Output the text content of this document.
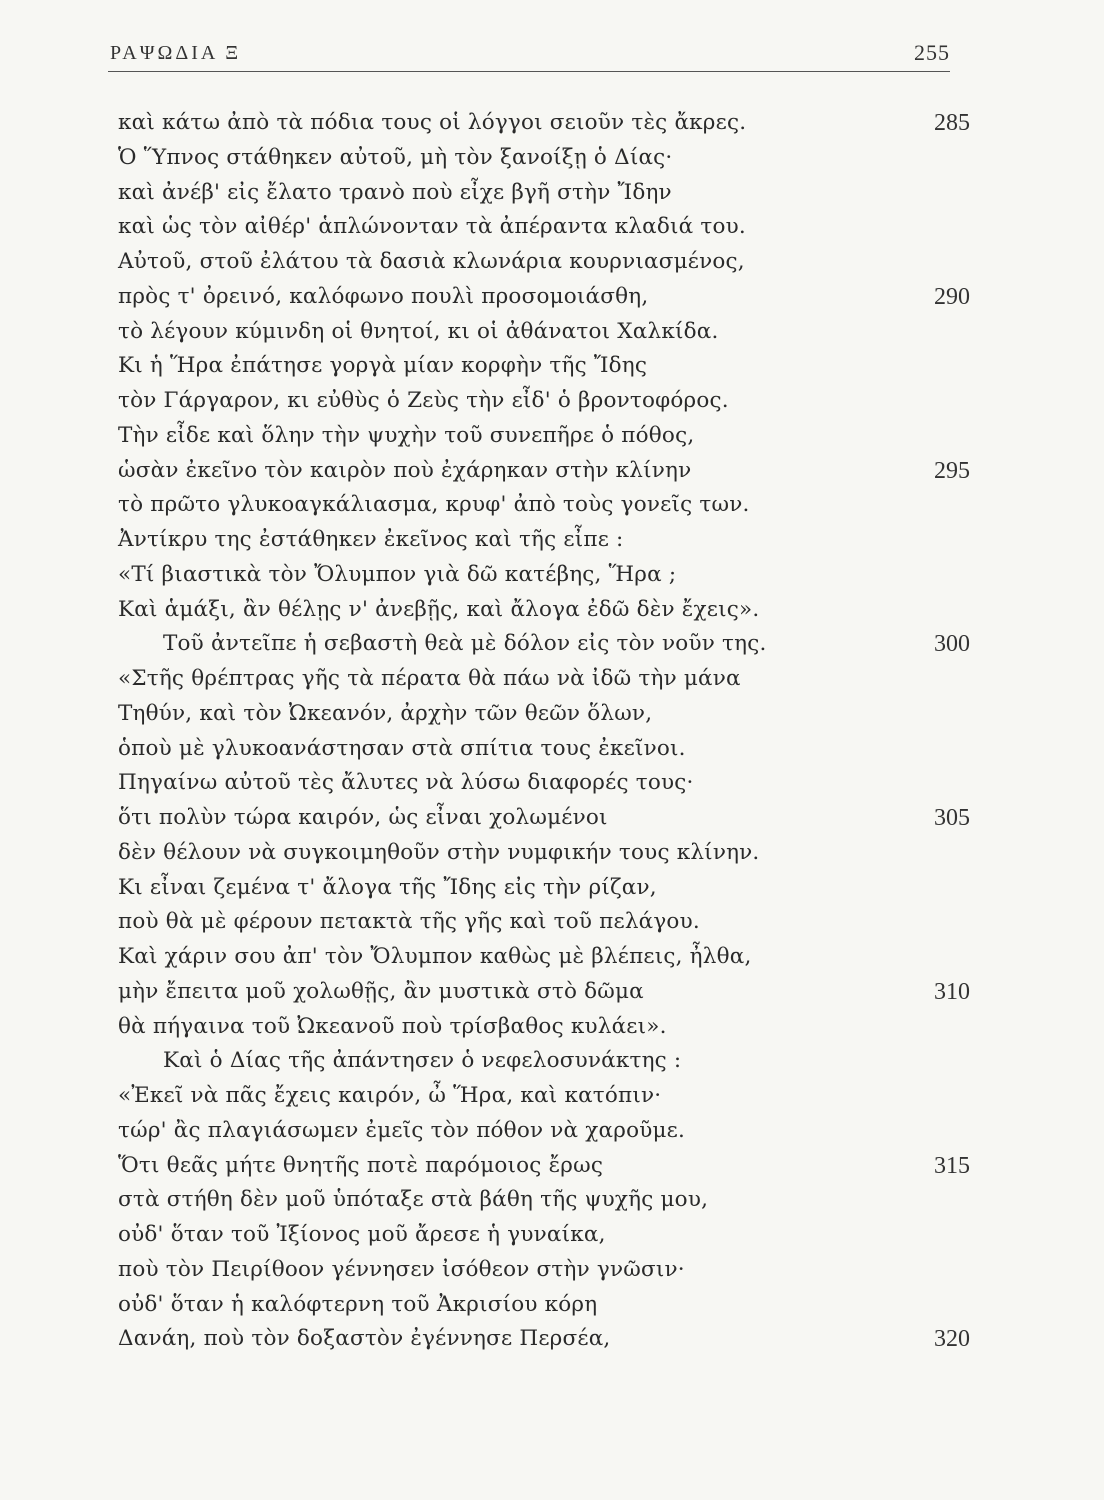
ΡΑΨΩΔΙΑ Ξ	255
καὶ κάτω ἀπὸ τὰ πόδια τους οἱ λόγγοι σειοῦν τὲς ἄκρες.
Ὁ Ὕπνος στάθηκεν αὐτοῦ, μὴ τὸν ξανοίξῃ ὁ Δίας·
καὶ ἀνέβ' εἰς ἔλατο τρανὸ ποὺ εἶχε βγῆ στὴν Ἴδην
καὶ ὡς τὸν αἰθέρ' ἁπλώνονταν τὰ ἀπέραντα κλαδιά του.
Αὐτοῦ, στοῦ ἐλάτου τὰ δασιὰ κλωνάρια κουρνιασμένος,
πρὸς τ' ὀρεινό, καλόφωνο πουλὶ προσομοιάσθη,
τὸ λέγουν κύμινδη οἱ θνητοί, κι οἱ ἀθάνατοι Χαλκίδα.
Κι ἡ Ἥρα ἐπάτησε γοργὰ μίαν κορφὴν τῆς Ἴδης
τὸν Γάργαρον, κι εὐθὺς ὁ Ζεὺς τὴν εἶδ' ὁ βροντοφόρος.
Τὴν εἶδε καὶ ὅλην τὴν ψυχὴν τοῦ συνεπῆρε ὁ πόθος,
ὡσὰν ἐκεῖνο τὸν καιρὸν ποὺ ἐχάρηκαν στὴν κλίνην
τὸ πρῶτο γλυκοαγκάλιασμα, κρυφ' ἀπὸ τοὺς γονεῖς των.
Ἀντίκρυ της ἐστάθηκεν ἐκεῖνος καὶ τῆς εἶπε :
«Τί βιαστικὰ τὸν Ὄλυμπον γιὰ δῶ κατέβης, Ἥρα ;
Καὶ ἁμάξι, ἂν θέλῃς ν' ἀνεβῇς, καὶ ἄλογα ἐδῶ δὲν ἔχεις».
Τοῦ ἀντεῖπε ἡ σεβαστὴ θεὰ μὲ δόλον εἰς τὸν νοῦν της.
«Στῆς θρέπτρας γῆς τὰ πέρατα θὰ πάω νὰ ἰδῶ τὴν μάνα
Τηθύν, καὶ τὸν Ὠκεανόν, ἀρχὴν τῶν θεῶν ὅλων,
ὁποὺ μὲ γλυκοανάστησαν στὰ σπίτια τους ἐκεῖνοι.
Πηγαίνω αὐτοῦ τὲς ἄλυτες νὰ λύσω διαφορές τους·
ὅτι πολὺν τώρα καιρόν, ὡς εἶναι χολωμένοι
δὲν θέλουν νὰ συγκοιμηθοῦν στὴν νυμφικήν τους κλίνην.
Κι εἶναι ζεμένα τ' ἄλογα τῆς Ἴδης εἰς τὴν ρίζαν,
ποὺ θὰ μὲ φέρουν πετακτὰ τῆς γῆς καὶ τοῦ πελάγου.
Καὶ χάριν σου ἀπ' τὸν Ὄλυμπον καθὼς μὲ βλέπεις, ἦλθα,
μὴν ἔπειτα μοῦ χολωθῇς, ἂν μυστικὰ στὸ δῶμα
θὰ πήγαινα τοῦ Ὠκεανοῦ ποὺ τρίσβαθος κυλάει».
Καὶ ὁ Δίας τῆς ἀπάντησεν ὁ νεφελοσυνάκτης :
«Ἐκεῖ νὰ πᾶς ἔχεις καιρόν, ὦ Ἥρα, καὶ κατόπιν·
τώρ' ἂς πλαγιάσωμεν ἐμεῖς τὸν πόθον νὰ χαροῦμε.
Ὅτι θεᾶς μήτε θνητῆς ποτὲ παρόμοιος ἔρως
στὰ στήθη δὲν μοῦ ὑπόταξε στὰ βάθη τῆς ψυχῆς μου,
οὐδ' ὅταν τοῦ Ἰξίονος μοῦ ἄρεσε ἡ γυναίκα,
ποὺ τὸν Πειρίθοον γέννησεν ἰσόθεον στὴν γνῶσιν·
οὐδ' ὅταν ἡ καλόφτερνη τοῦ Ἀκρισίου κόρη
Δανάη, ποὺ τὸν δοξαστὸν ἐγέννησε Περσέα,
285
290
295
300
305
310
315
320
